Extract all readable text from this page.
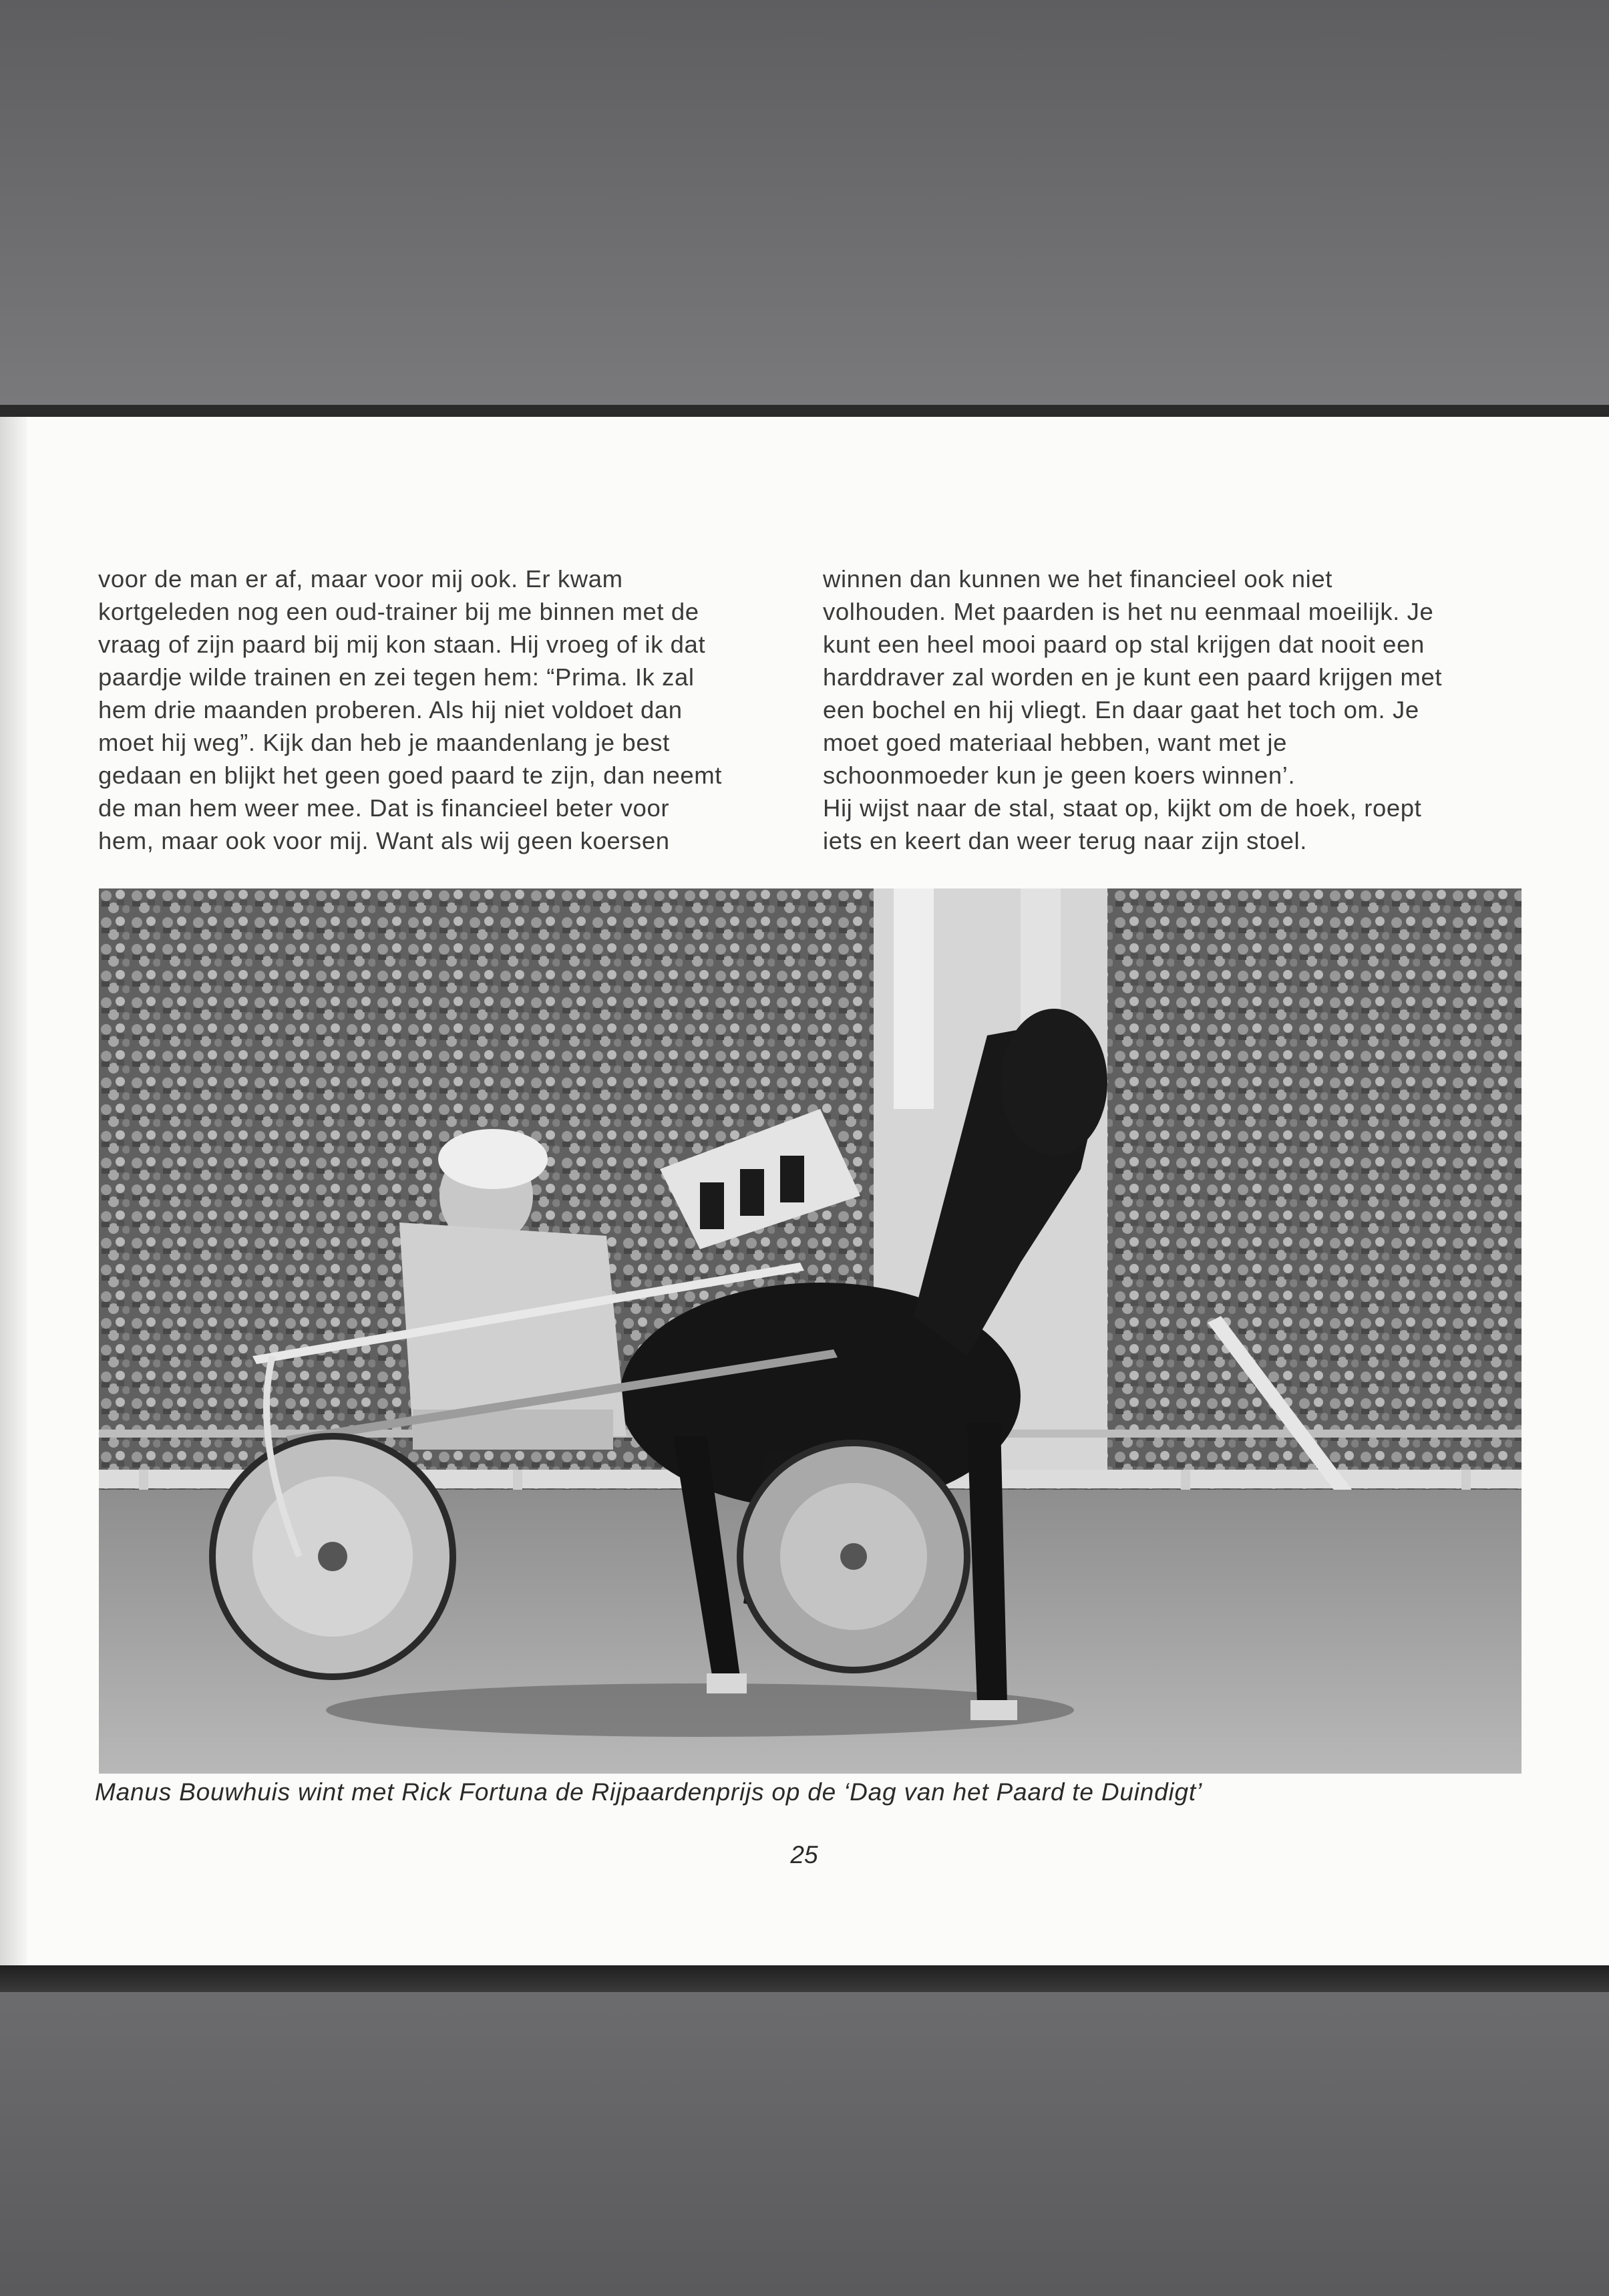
voor de man er af, maar voor mij ook. Er kwam
kortgeleden nog een oud-trainer bij me binnen met de
vraag of zijn paard bij mij kon staan. Hij vroeg of ik dat
paardje wilde trainen en zei tegen hem: “Prima. Ik zal
hem drie maanden proberen. Als hij niet voldoet dan
moet hij weg”. Kijk dan heb je maandenlang je best
gedaan en blijkt het geen goed paard te zijn, dan neemt
de man hem weer mee. Dat is financieel beter voor
hem, maar ook voor mij. Want als wij geen koersen
winnen dan kunnen we het financieel ook niet
volhouden. Met paarden is het nu eenmaal moeilijk. Je
kunt een heel mooi paard op stal krijgen dat nooit een
harddraver zal worden en je kunt een paard krijgen met
een bochel en hij vliegt. En daar gaat het toch om. Je
moet goed materiaal hebben, want met je
schoonmoeder kun je geen koers winnen’.
Hij wijst naar de stal, staat op, kijkt om de hoek, roept
iets en keert dan weer terug naar zijn stoel.
Manus Bouwhuis wint met Rick Fortuna de Rijpaardenprijs op de ‘Dag van het Paard te Duindigt’
25
